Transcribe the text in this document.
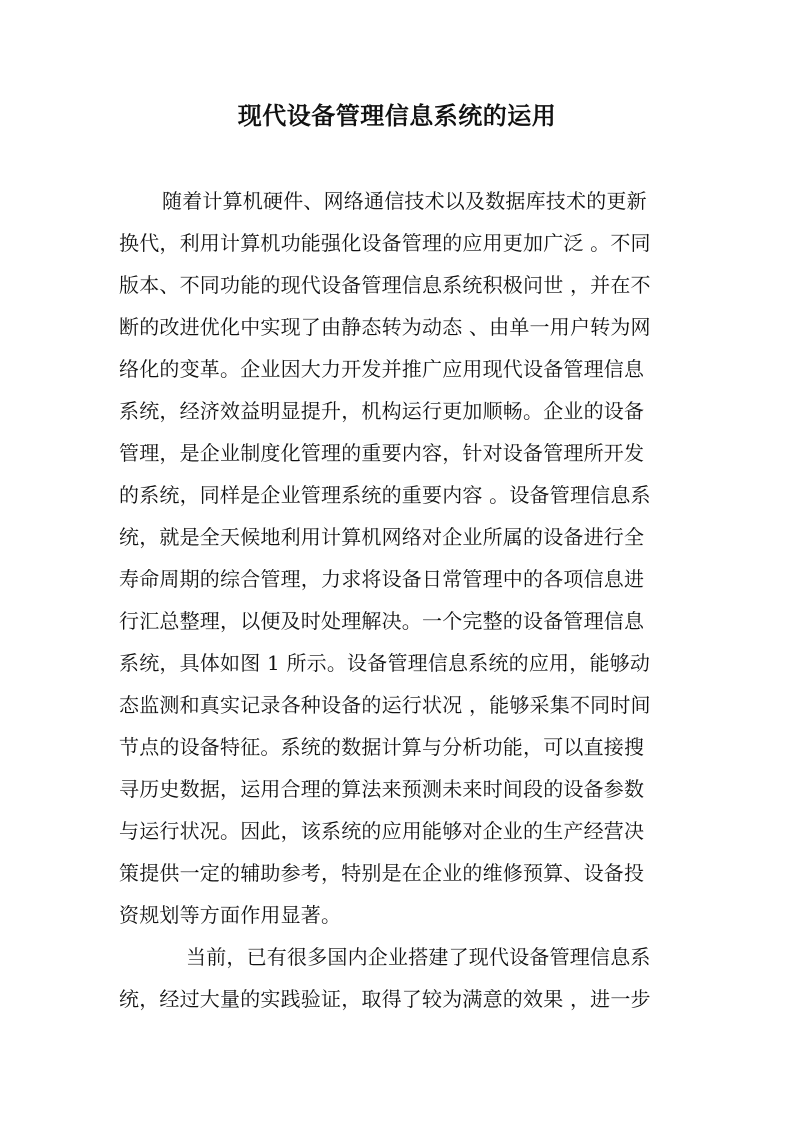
现代设备管理信息系统的运用
随着计算机硬件、网络通信技术以及数据库技术的更新
换代，利用计算机功能强化设备管理的应用更加广泛 。不同
版本、不同功能的现代设备管理信息系统积极问世 ，并在不
断的改进优化中实现了由静态转为动态 、由单一用户转为网
络化的变革。企业因大力开发并推广应用现代设备管理信息
系统，经济效益明显提升，机构运行更加顺畅。企业的设备
管理，是企业制度化管理的重要内容，针对设备管理所开发
的系统，同样是企业管理系统的重要内容 。设备管理信息系
统，就是全天候地利用计算机网络对企业所属的设备进行全
寿命周期的综合管理，力求将设备日常管理中的各项信息进
行汇总整理，以便及时处理解决。一个完整的设备管理信息
系统，具体如图 1 所示。设备管理信息系统的应用，能够动
态监测和真实记录各种设备的运行状况 ，能够采集不同时间
节点的设备特征。系统的数据计算与分析功能，可以直接搜
寻历史数据，运用合理的算法来预测未来时间段的设备参数
与运行状况。因此，该系统的应用能够对企业的生产经营决
策提供一定的辅助参考，特别是在企业的维修预算、设备投
资规划等方面作用显著。
当前，已有很多国内企业搭建了现代设备管理信息系
统，经过大量的实践验证，取得了较为满意的效果 ，进一步
